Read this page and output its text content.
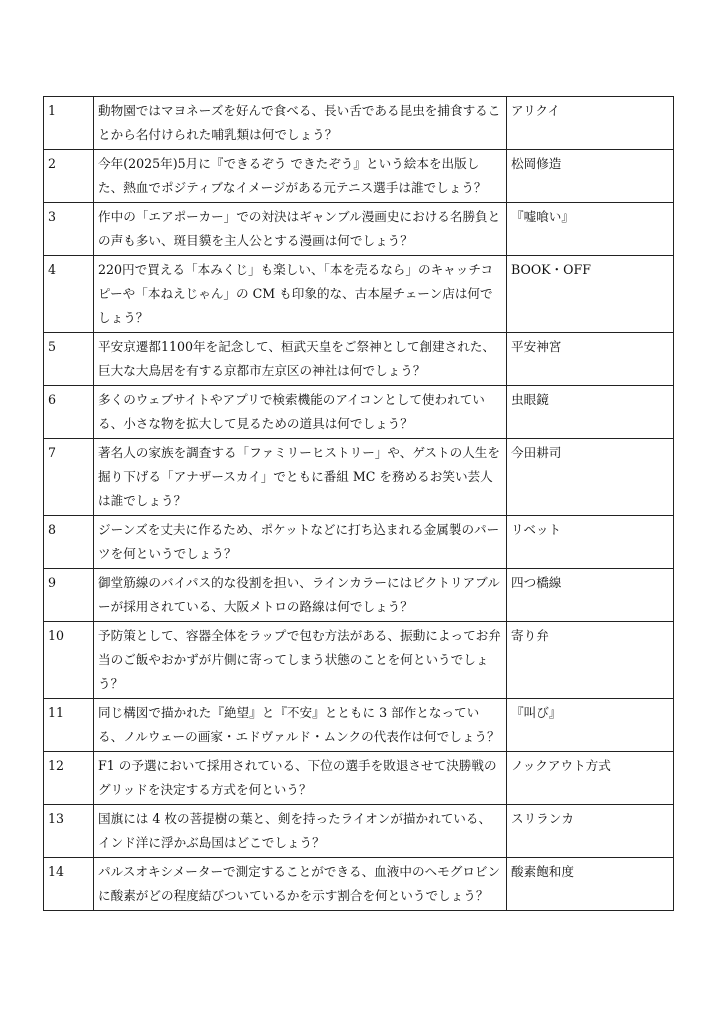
1	動物園ではマヨネーズを好んで食べる、長い舌である昆虫を捕食することから名付けられた哺乳類は何でしょう？	アリクイ
2	今年(2025年)5月に『できるぞう できたぞう』という絵本を出版した、熱血でポジティブなイメージがある元テニス選手は誰でしょう？	松岡修造
3	作中の「エアポーカー」での対決はギャンブル漫画史における名勝負との声も多い、斑目貘を主人公とする漫画は何でしょう？	『嘘喰い』
4	220円で買える「本みくじ」も楽しい、「本を売るなら」のキャッチコピーや「本ねえじゃん」の CM も印象的な、古本屋チェーン店は何でしょう？	BOOK・OFF
5	平安京遷都1100年を記念して、桓武天皇をご祭神として創建された、巨大な大鳥居を有する京都市左京区の神社は何でしょう？	平安神宮
6	多くのウェブサイトやアプリで検索機能のアイコンとして使われている、小さな物を拡大して見るための道具は何でしょう？	虫眼鏡
7	著名人の家族を調査する「ファミリーヒストリー」や、ゲストの人生を掘り下げる「アナザースカイ」でともに番組 MC を務めるお笑い芸人は誰でしょう？	今田耕司
8	ジーンズを丈夫に作るため、ポケットなどに打ち込まれる金属製のパーツを何というでしょう？	リベット
9	御堂筋線のバイパス的な役割を担い、ラインカラーにはビクトリアブルーが採用されている、大阪メトロの路線は何でしょう？	四つ橋線
10	予防策として、容器全体をラップで包む方法がある、振動によってお弁当のご飯やおかずが片側に寄ってしまう状態のことを何というでしょう？	寄り弁
11	同じ構図で描かれた『絶望』と『不安』とともに 3 部作となっている、ノルウェーの画家・エドヴァルド・ムンクの代表作は何でしょう？	『叫び』
12	F1 の予選において採用されている、下位の選手を敗退させて決勝戦のグリッドを決定する方式を何という？	ノックアウト方式
13	国旗には 4 枚の菩提樹の葉と、剣を持ったライオンが描かれている、インド洋に浮かぶ島国はどこでしょう？	スリランカ
14	パルスオキシメーターで測定することができる、血液中のヘモグロビンに酸素がどの程度結びついているかを示す割合を何というでしょう？	酸素飽和度
